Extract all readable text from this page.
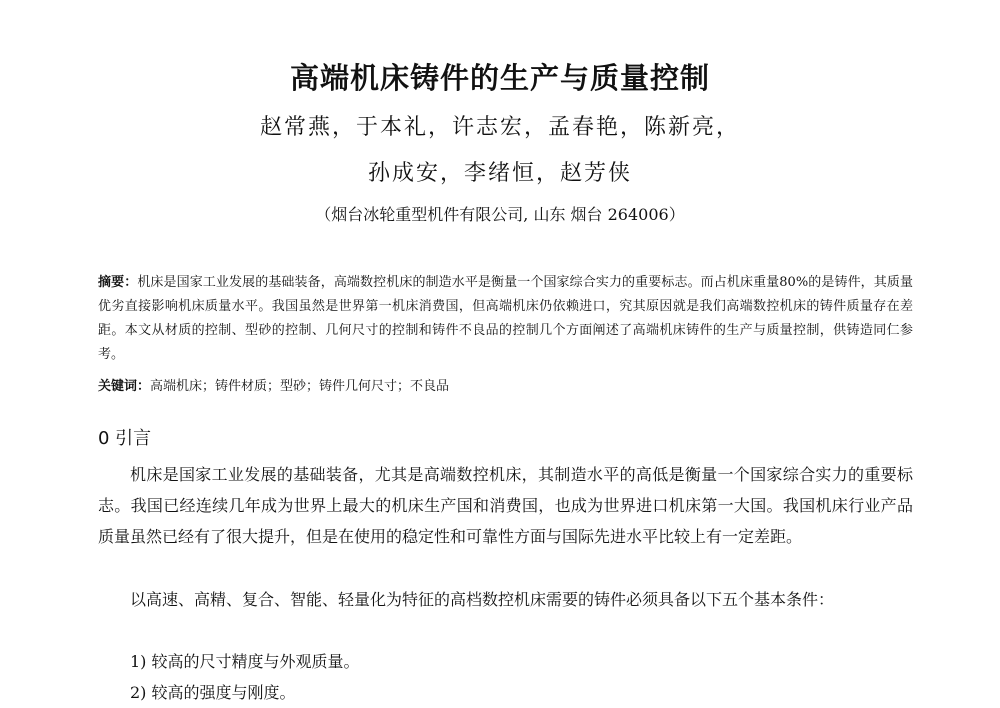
高端机床铸件的生产与质量控制
赵常燕，于本礼，许志宏，孟春艳，陈新亮，
孙成安，李绪恒，赵芳侠
（烟台冰轮重型机件有限公司, 山东 烟台 264006）
摘要：机床是国家工业发展的基础装备，高端数控机床的制造水平是衡量一个国家综合实力的重要标志。而占机床重量80%的是铸件，其质量优劣直接影响机床质量水平。我国虽然是世界第一机床消费国，但高端机床仍依赖进口，究其原因就是我们高端数控机床的铸件质量存在差距。本文从材质的控制、型砂的控制、几何尺寸的控制和铸件不良品的控制几个方面阐述了高端机床铸件的生产与质量控制，供铸造同仁参考。
关键词：高端机床；铸件材质；型砂；铸件几何尺寸；不良品
0 引言
机床是国家工业发展的基础装备，尤其是高端数控机床，其制造水平的高低是衡量一个国家综合实力的重要标志。我国已经连续几年成为世界上最大的机床生产国和消费国，也成为世界进口机床第一大国。我国机床行业产品质量虽然已经有了很大提升，但是在使用的稳定性和可靠性方面与国际先进水平比较上有一定差距。
以高速、高精、复合、智能、轻量化为特征的高档数控机床需要的铸件必须具备以下五个基本条件：
1) 较高的尺寸精度与外观质量。
2) 较高的强度与刚度。
